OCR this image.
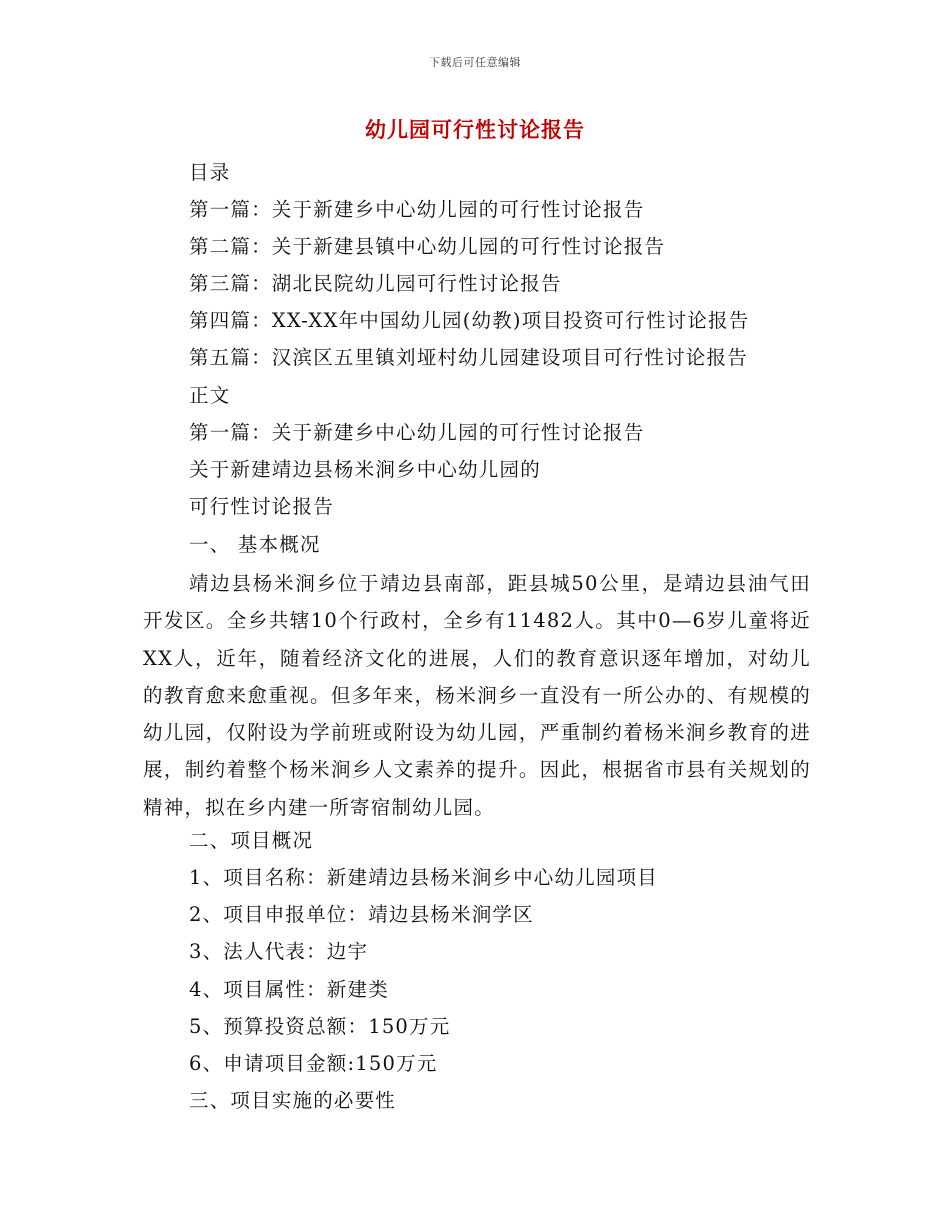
下载后可任意编辑
幼儿园可行性讨论报告
目录
第一篇：关于新建乡中心幼儿园的可行性讨论报告
第二篇：关于新建县镇中心幼儿园的可行性讨论报告
第三篇：湖北民院幼儿园可行性讨论报告
第四篇：XX-XX年中国幼儿园(幼教)项目投资可行性讨论报告
第五篇：汉滨区五里镇刘垭村幼儿园建设项目可行性讨论报告
正文
第一篇：关于新建乡中心幼儿园的可行性讨论报告
关于新建靖边县杨米涧乡中心幼儿园的
可行性讨论报告
一、 基本概况
靖边县杨米涧乡位于靖边县南部，距县城50公里，是靖边县油气田开发区。全乡共辖10个行政村，全乡有11482人。其中0—6岁儿童将近XX人，近年，随着经济文化的进展，人们的教育意识逐年增加，对幼儿的教育愈来愈重视。但多年来，杨米涧乡一直没有一所公办的、有规模的幼儿园，仅附设为学前班或附设为幼儿园，严重制约着杨米涧乡教育的进展，制约着整个杨米涧乡人文素养的提升。因此，根据省市县有关规划的精神，拟在乡内建一所寄宿制幼儿园。
二、项目概况
1、项目名称：新建靖边县杨米涧乡中心幼儿园项目
2、项目申报单位：靖边县杨米涧学区
3、法人代表：边宇
4、项目属性：新建类
5、预算投资总额：150万元
6、申请项目金额:150万元
三、项目实施的必要性
